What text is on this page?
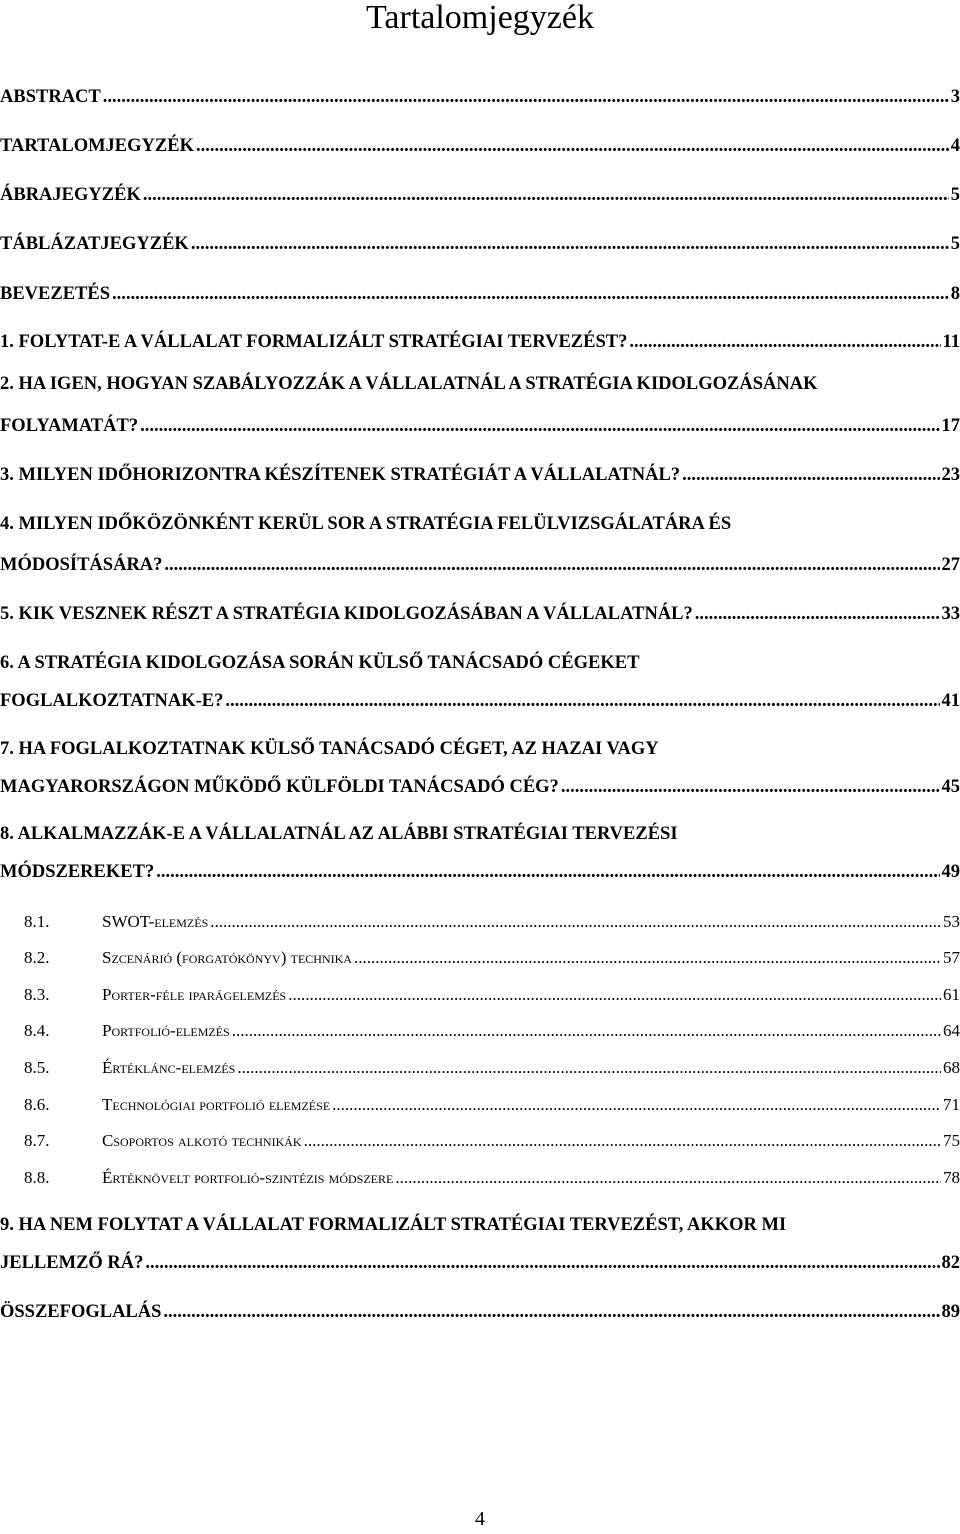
Tartalomjegyzék
ABSTRACT .....	3
TARTALOMJEGYZÉK .....	4
ÁBRAJEGYZÉK .....	5
TÁBLÁZATJEGYZÉK .....	5
BEVEZETÉS .....	8
1. FOLYTAT-E A VÁLLALAT FORMALIZÁLT STRATÉGIAI TERVEZÉST? .....	11
2. HA IGEN, HOGYAN SZABÁLYOZZÁK A VÁLLALATNÁL A STRATÉGIA KIDOLGOZÁSÁNAK
FOLYAMATÁT? .....	17
3. MILYEN IDŐHORIZONTRA KÉSZÍTENEK STRATÉGIÁT A VÁLLALATNÁL? .....	23
4. MILYEN IDŐKÖZÖNKÉNT KERÜL SOR A STRATÉGIA FELÜLVIZSGÁLATÁRA ÉS
MÓDOSÍTÁSÁRA? .....	27
5. KIK VESZNEK RÉSZT A STRATÉGIA KIDOLGOZÁSÁBAN A VÁLLALATNÁL? .....	33
6. A STRATÉGIA KIDOLGOZÁSA SORÁN KÜLSŐ TANÁCSADÓ CÉGEKET
FOGLALKOZTATNAK-E? .....	41
7. HA FOGLALKOZTATNAK KÜLSŐ TANÁCSADÓ CÉGET, AZ HAZAI VAGY
MAGYARORSZÁGON MŰKÖDŐ KÜLFÖLDI TANÁCSADÓ CÉG? .....	45
8. ALKALMAZZÁK-E A VÁLLALATNÁL AZ ALÁBBI STRATÉGIAI TERVEZÉSI
MÓDSZEREKET? .....	49
8.1.	SWOT-elemzés .....	53
8.2.	Szcenárió (forgatókönyv) technika .....	57
8.3.	Porter-féle iparágelemzés .....	61
8.4.	Portfolió-elemzés .....	64
8.5.	Értéklánc-elemzés .....	68
8.6.	Technológiai portfolió elemzése .....	71
8.7.	Csoportos alkotó technikák .....	75
8.8.	Értéknövelt portfolió-szintézis módszere .....	78
9. HA NEM FOLYTAT A VÁLLALAT FORMALIZÁLT STRATÉGIAI TERVEZÉST, AKKOR MI
JELLEMZŐ RÁ? .....	82
ÖSSZEFOGLALÁS .....	89
4
